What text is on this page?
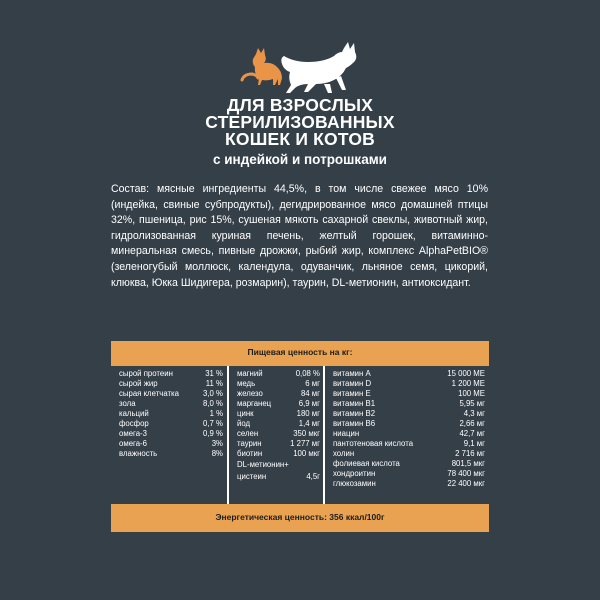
ДЛЯ ВЗРОСЛЫХ
СТЕРИЛИЗОВАННЫХ
КОШЕК И КОТОВ
с индейкой и потрошками
Состав: мясные ингредиенты 44,5%, в том числе свежее мясо 10% (индейка, свиные субпродукты), дегидрированное мясо домашней птицы 32%, пшеница, рис 15%, сушеная мякоть сахарной свеклы, животный жир, гидролизованная куриная печень, желтый горошек, витаминно-минеральная смесь, пивные дрожжи, рыбий жир, комплекс AlphaPetBIO® (зеленогубый моллюск, календула, одуванчик, льняное семя, цикорий, клюква, Юкка Шидигера, розмарин), таурин, DL-метионин, антиоксидант.
Пищевая ценность на кг:
сырой протеин	31 %
сырой жир	11 %
сырая клетчатка	3,0 %
зола	8,0 %
кальций	1 %
фосфор	0,7 %
омега-3	0,9 %
омега-6	3%
влажность	8%
магний	0,08 %
медь	6 мг
железо	84 мг
марганец	6,9 мг
цинк	180 мг
йод	1,4 мг
селен	350 мкг
таурин	1 277 мг
биотин	100 мкг
DL-метионин+
цистеин	4,5г
витамин A	15 000 МЕ
витамин D	1 200 МЕ
витамин E	100 МЕ
витамин B1	5,95 мг
витамин B2	4,3 мг
витамин B6	2,66 мг
ниацин	42,7 мг
пантотеновая кислота	9,1 мг
холин	2 716 мг
фолиевая кислота	801,5 мкг
хондроитин	78 400 мкг
глюкозамин	22 400 мкг
Энергетическая ценность: 356 ккал/100г
